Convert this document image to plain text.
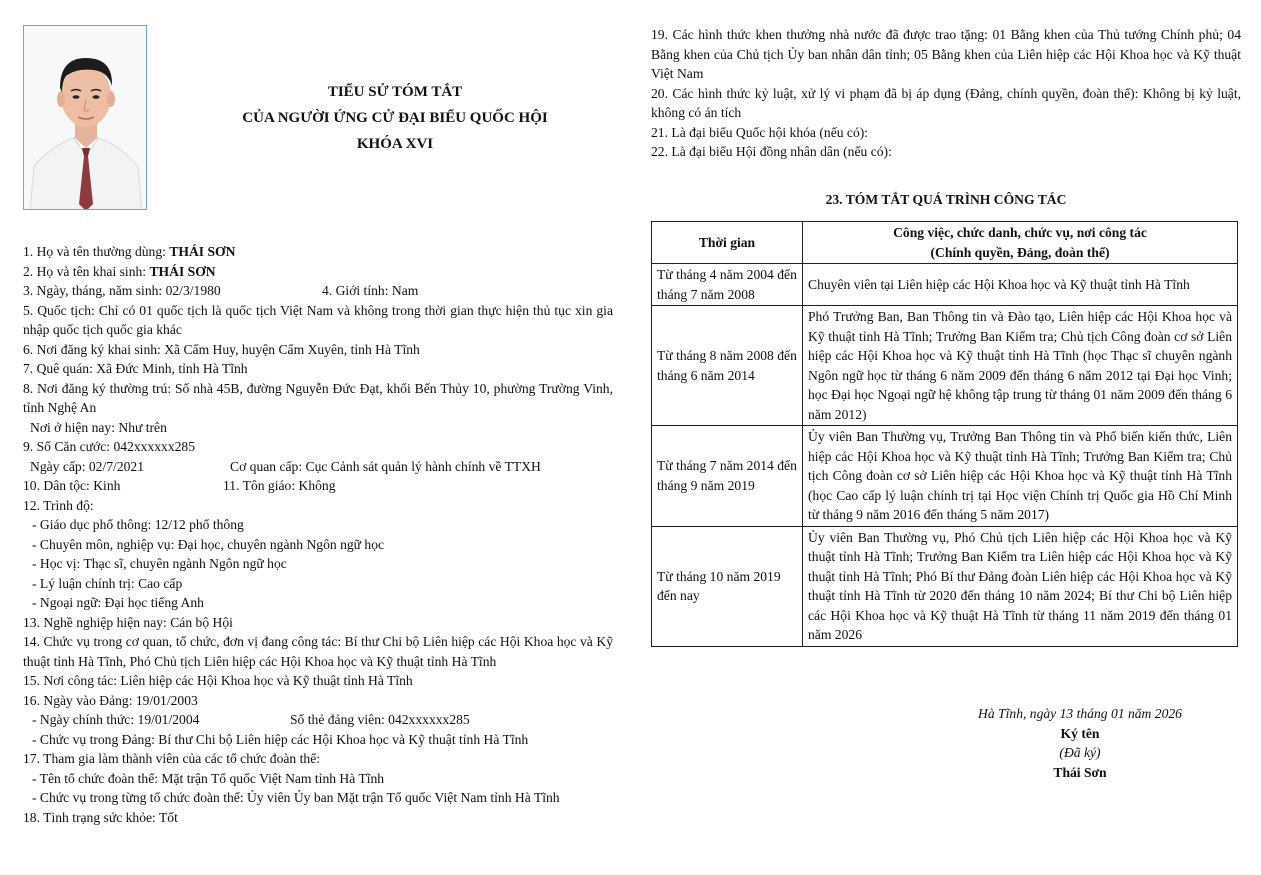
TIỂU SỬ TÓM TẮT
CỦA NGƯỜI ỨNG CỬ ĐẠI BIỂU QUỐC HỘI
KHÓA XVI
1. Họ và tên thường dùng: THÁI SƠN
2. Họ và tên khai sinh: THÁI SƠN
3. Ngày, tháng, năm sinh: 02/3/1980	4. Giới tính: Nam
5. Quốc tịch: Chỉ có 01 quốc tịch là quốc tịch Việt Nam và không trong thời gian thực hiện thủ tục xin gia nhập quốc tịch quốc gia khác
6. Nơi đăng ký khai sinh: Xã Cẩm Huy, huyện Cẩm Xuyên, tỉnh Hà Tĩnh
7. Quê quán: Xã Đức Minh, tỉnh Hà Tĩnh
8. Nơi đăng ký thường trú: Số nhà 45B, đường Nguyễn Đức Đạt, khối Bến Thủy 10, phường Trường Vinh, tỉnh Nghệ An
Nơi ở hiện nay: Như trên
9. Số Căn cước: 042xxxxxx285
Ngày cấp: 02/7/2021	Cơ quan cấp: Cục Cảnh sát quản lý hành chính về TTXH
10. Dân tộc: Kinh	11. Tôn giáo: Không
12. Trình độ:
- Giáo dục phổ thông: 12/12 phổ thông
- Chuyên môn, nghiệp vụ: Đại học, chuyên ngành Ngôn ngữ học
- Học vị: Thạc sĩ, chuyên ngành Ngôn ngữ học
- Lý luận chính trị: Cao cấp
- Ngoại ngữ: Đại học tiếng Anh
13. Nghề nghiệp hiện nay: Cán bộ Hội
14. Chức vụ trong cơ quan, tổ chức, đơn vị đang công tác: Bí thư Chi bộ Liên hiệp các Hội Khoa học và Kỹ thuật tỉnh Hà Tĩnh, Phó Chủ tịch Liên hiệp các Hội Khoa học và Kỹ thuật tỉnh Hà Tĩnh
15. Nơi công tác: Liên hiệp các Hội Khoa học và Kỹ thuật tỉnh Hà Tĩnh
16. Ngày vào Đảng: 19/01/2003
- Ngày chính thức: 19/01/2004	Số thẻ đảng viên: 042xxxxxx285
- Chức vụ trong Đảng: Bí thư Chi bộ Liên hiệp các Hội Khoa học và Kỹ thuật tỉnh Hà Tĩnh
17. Tham gia làm thành viên của các tổ chức đoàn thể:
- Tên tổ chức đoàn thể: Mặt trận Tổ quốc Việt Nam tỉnh Hà Tĩnh
- Chức vụ trong từng tổ chức đoàn thể: Ủy viên Ủy ban Mặt trận Tổ quốc Việt Nam tỉnh Hà Tĩnh
18. Tình trạng sức khỏe: Tốt
19. Các hình thức khen thưởng nhà nước đã được trao tặng: 01 Bằng khen của Thủ tướng Chính phủ; 04 Bằng khen của Chủ tịch Ủy ban nhân dân tỉnh; 05 Bằng khen của Liên hiệp các Hội Khoa học và Kỹ thuật Việt Nam
20. Các hình thức kỷ luật, xử lý vi phạm đã bị áp dụng (Đảng, chính quyền, đoàn thể): Không bị kỷ luật, không có án tích
21. Là đại biểu Quốc hội khóa (nếu có):
22. Là đại biểu Hội đồng nhân dân (nếu có):
23. TÓM TẮT QUÁ TRÌNH CÔNG TÁC
Thời gian	Công việc, chức danh, chức vụ, nơi công tác
(Chính quyền, Đảng, đoàn thể)

Từ tháng 4 năm 2004 đến tháng 7 năm 2008	Chuyên viên tại Liên hiệp các Hội Khoa học và Kỹ thuật tỉnh Hà Tĩnh
Từ tháng 8 năm 2008 đến tháng 6 năm 2014	Phó Trưởng Ban, Ban Thông tin và Đào tạo, Liên hiệp các Hội Khoa học và Kỹ thuật tỉnh Hà Tĩnh; Trưởng Ban Kiểm tra; Chủ tịch Công đoàn cơ sở Liên hiệp các Hội Khoa học và Kỹ thuật tỉnh Hà Tĩnh (học Thạc sĩ chuyên ngành Ngôn ngữ học từ tháng 6 năm 2009 đến tháng 6 năm 2012 tại Đại học Vinh; học Đại học Ngoại ngữ hệ không tập trung từ tháng 01 năm 2009 đến tháng 6 năm 2012)
Từ tháng 7 năm 2014 đến tháng 9 năm 2019	Ủy viên Ban Thường vụ, Trưởng Ban Thông tin và Phổ biến kiến thức, Liên hiệp các Hội Khoa học và Kỹ thuật tỉnh Hà Tĩnh; Trưởng Ban Kiểm tra; Chủ tịch Công đoàn cơ sở Liên hiệp các Hội Khoa học và Kỹ thuật tỉnh Hà Tĩnh (học Cao cấp lý luận chính trị tại Học viện Chính trị Quốc gia Hồ Chí Minh từ tháng 9 năm 2016 đến tháng 5 năm 2017)
Từ tháng 10 năm 2019 đến nay	Ủy viên Ban Thường vụ, Phó Chủ tịch Liên hiệp các Hội Khoa học và Kỹ thuật tỉnh Hà Tĩnh; Trưởng Ban Kiểm tra Liên hiệp các Hội Khoa học và Kỹ thuật tỉnh Hà Tĩnh; Phó Bí thư Đảng đoàn Liên hiệp các Hội Khoa học và Kỹ thuật tỉnh Hà Tĩnh từ 2020 đến tháng 10 năm 2024; Bí thư Chi bộ Liên hiệp các Hội Khoa học và Kỹ thuật Hà Tĩnh từ tháng 11 năm 2019 đến tháng 01 năm 2026
Hà Tĩnh, ngày 13 tháng 01 năm 2026
Ký tên
(Đã ký)
Thái Sơn
